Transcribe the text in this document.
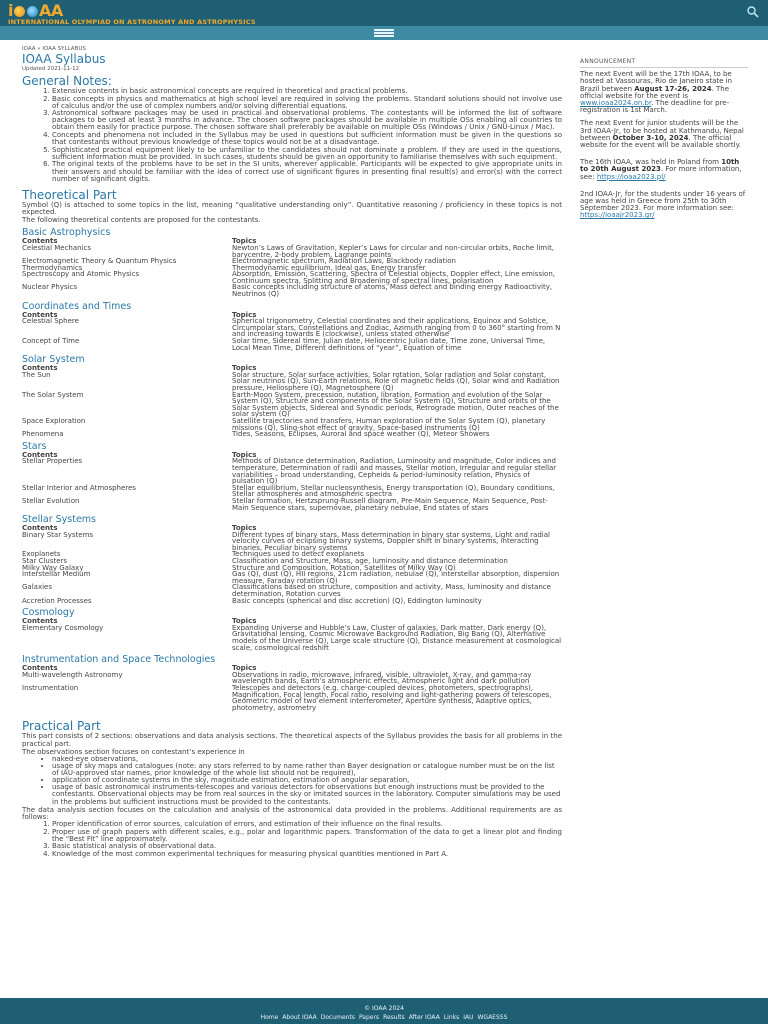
i AA
INTERNATIONAL OLYMPIAD ON ASTRONOMY AND ASTROPHYSICS
IOAA » IOAA SYLLABUS
IOAA Syllabus
Updated 2021-11-12
General Notes:
1. Extensive contents in basic astronomical concepts are required in theoretical and practical problems.
2. Basic concepts in physics and mathematics at high school level are required in solving the problems. Standard solutions should not involve use of calculus and/or the use of complex numbers and/or solving differential equations.
3. Astronomical software packages may be used in practical and observational problems. The contestants will be informed the list of software packages to be used at least 3 months in advance. The chosen software packages should be available in multiple OSs enabling all countries to obtain them easily for practice purpose. The chosen software shall preferably be available on multiple OSs (Windows / Unix / GNU-Linux / Mac).
4. Concepts and phenomena not included in the Syllabus may be used in questions but sufficient information must be given in the questions so that contestants without previous knowledge of these topics would not be at a disadvantage.
5. Sophisticated practical equipment likely to be unfamiliar to the candidates should not dominate a problem. If they are used in the questions, sufficient information must be provided. In such cases, students should be given an opportunity to familiarise themselves with such equipment.
6. The original texts of the problems have to be set in the SI units, wherever applicable. Participants will be expected to give appropriate units in their answers and should be familiar with the idea of correct use of significant figures in presenting final result(s) and error(s) with the correct number of significant digits.
Theoretical Part

Symbol (Q) is attached to some topics in the list, meaning “qualitative understanding only”. Quantitative reasoning / proficiency in these topics is not expected.

The following theoretical contents are proposed for the contestants.

Basic Astrophysics
Contents	Topics
Celestial Mechanics	Newton’s Laws of Gravitation, Kepler’s Laws for circular and non-circular orbits, Roche limit, barycentre, 2-body problem, Lagrange points
Electromagnetic Theory & Quantum Physics	Electromagnetic spectrum, Radiation Laws, Blackbody radiation
Thermodynamics	Thermodynamic equilibrium, Ideal gas, Energy transfer
Spectroscopy and Atomic Physics	Absorption, Emission, Scattering, Spectra of Celestial objects, Doppler effect, Line emission, Continuum spectra, Splitting and Broadening of spectral lines, polarisation
Nuclear Physics	Basic concepts including structure of atoms, Mass defect and binding energy Radioactivity, Neutrinos (Q)
Coordinates and Times
Contents	Topics
Celestial Sphere	Spherical trigonometry, Celestial coordinates and their applications, Equinox and Solstice, Circumpolar stars, Constellations and Zodiac, Azimuth ranging from 0 to 360° starting from N and increasing towards E (clockwise), unless stated otherwise
Concept of Time	Solar time, Sidereal time, Julian date, Heliocentric Julian date, Time zone, Universal Time, Local Mean Time, Different definitions of “year”, Equation of time
Solar System
Contents	Topics
The Sun	Solar structure, Solar surface activities, Solar rotation, Solar radiation and Solar constant, Solar neutrinos (Q), Sun-Earth relations, Role of magnetic fields (Q), Solar wind and Radiation pressure, Heliosphere (Q), Magnetosphere (Q)
The Solar System	Earth-Moon System, precession, nutation, libration, Formation and evolution of the Solar System (Q), Structure and components of the Solar System (Q), Structure and orbits of the Solar System objects, Sidereal and Synodic periods, Retrograde motion, Outer reaches of the solar system (Q)
Space Exploration	Satellite trajectories and transfers, Human exploration of the Solar System (Q), planetary missions (Q), Sling-shot effect of gravity, Space-based instruments (Q)
Phenomena	Tides, Seasons, Eclipses, Auroral and space weather (Q), Meteor Showers
Stars
Contents	Topics
Stellar Properties	Methods of Distance determination, Radiation, Luminosity and magnitude, Color indices and temperature, Determination of radii and masses, Stellar motion, Irregular and regular stellar variabilities – broad understanding, Cepheids & period-luminosity relation, Physics of pulsation (Q)
Stellar Interior and Atmospheres	Stellar equilibrium, Stellar nucleosynthesis, Energy transportation (Q), Boundary conditions, Stellar atmospheres and atmospheric spectra
Stellar Evolution	Stellar formation, Hertzsprung-Russell diagram, Pre-Main Sequence, Main Sequence, Post-Main Sequence stars, supernovae, planetary nebulae, End states of stars
Stellar Systems
Contents	Topics
Binary Star Systems	Different types of binary stars, Mass determination in binary star systems, Light and radial velocity curves of eclipsing binary systems, Doppler shift in binary systems, interacting binaries, Peculiar binary systems
Exoplanets	Techniques used to detect exoplanets
Star Clusters	Classification and Structure, Mass, age, luminosity and distance determination
Milky Way Galaxy	Structure and Composition, Rotation, Satellites of Milky Way (Q)
Interstellar Medium	Gas (Q), dust (Q), HII regions, 21cm radiation, nebulae (Q), interstellar absorption, dispersion measure, Faraday rotation (Q)
Galaxies	Classifications based on structure, composition and activity, Mass, luminosity and distance determination, Rotation curves
Accretion Processes	Basic concepts (spherical and disc accretion) (Q), Eddington luminosity
Cosmology
Contents	Topics
Elementary Cosmology	Expanding Universe and Hubble’s Law, Cluster of galaxies, Dark matter, Dark energy (Q), Gravitational lensing, Cosmic Microwave Background Radiation, Big Bang (Q), Alternative models of the Universe (Q), Large scale structure (Q), Distance measurement at cosmological scale, cosmological redshift
Instrumentation and Space Technologies
Contents	Topics
Multi-wavelength Astronomy	Observations in radio, microwave, infrared, visible, ultraviolet, X-ray, and gamma-ray wavelength bands, Earth’s atmospheric effects, Atmospheric light and dark pollution
Instrumentation	Telescopes and detectors (e.g. charge-coupled devices, photometers, spectrographs), Magnification, Focal length, Focal ratio, resolving and light-gathering powers of telescopes, Geometric model of two element interferometer, Aperture synthesis, Adaptive optics, photometry, astrometry
Practical Part

This part consists of 2 sections: observations and data analysis sections. The theoretical aspects of the Syllabus provides the basis for all problems in the practical part.

The observations section focuses on contestant’s experience in

• naked-eye observations,
• usage of sky maps and catalogues (note: any stars referred to by name rather than Bayer designation or catalogue number must be on the list of IAU-approved star names, prior knowledge of the whole list should not be required),
• application of coordinate systems in the sky, magnitude estimation, estimation of angular separation,
• usage of basic astronomical instruments-telescopes and various detectors for observations but enough instructions must be provided to the contestants. Observational objects may be from real sources in the sky or imitated sources in the laboratory. Computer simulations may be used in the problems but sufficient instructions must be provided to the contestants.

The data analysis section focuses on the calculation and analysis of the astronomical data provided in the problems. Additional requirements are as follows:

1. Proper identification of error sources, calculation of errors, and estimation of their influence on the final results.
2. Proper use of graph papers with different scales, e.g., polar and logarithmic papers. Transformation of the data to get a linear plot and finding the “Best Fit” line approximately.
3. Basic statistical analysis of observational data.
4. Knowledge of the most common experimental techniques for measuring physical quantities mentioned in Part A.
ANNOUNCEMENT

The next Event will be the 17th IOAA, to be hosted at Vassouras, Rio de Janeiro state in Brazil between August 17-26, 2024. The official website for the event is www.ioaa2024.on.br. The deadline for pre-registration is 1st March.

The next Event for junior students will be the 3rd IOAA-Jr, to be hosted at Kathmandu, Nepal between October 3-10, 2024. The official website for the event will be available shortly.

The 16th IOAA, was held in Poland from 10th to 20th August 2023. For more information, see: https://ioaa2023.pl/

2nd IOAA-Jr, for the students under 16 years of age was held in Greece from 25th to 30th September 2023. For more information see: https://ioaajr2023.gr/

© IOAA 2024
Home About IOAA Documents Papers Results After IOAA Links IAU WGAESSS
